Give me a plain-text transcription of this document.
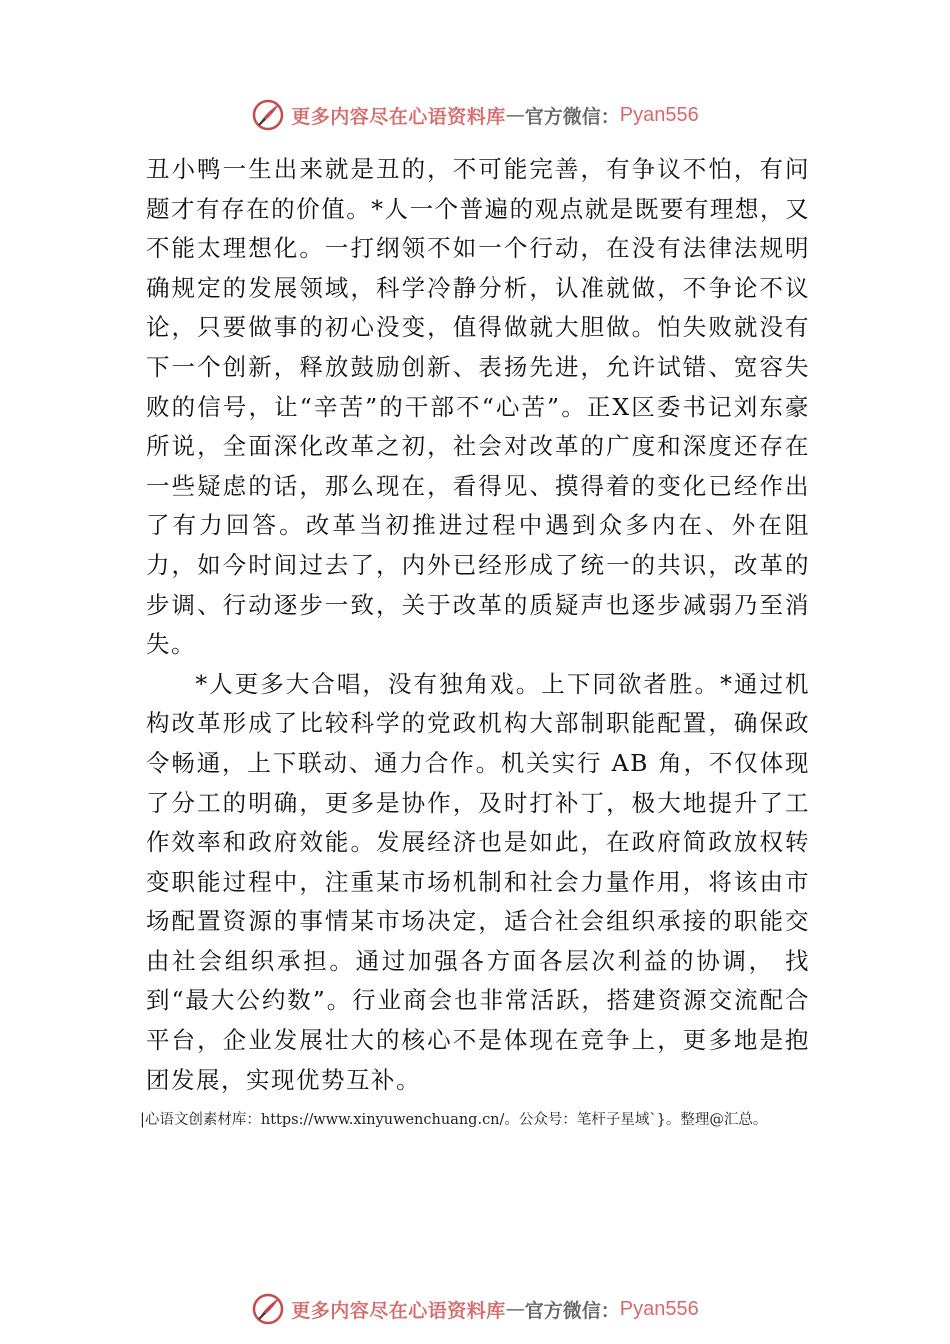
更多内容尽在心语资料库 — 官方微信： Pyan556

丑小鸭一生出来就是丑的，不可能完善，有争议不怕，有问题才有存在的价值。*人一个普遍的观点就是既要有理想，又不能太理想化。一打纲领不如一个行动，在没有法律法规明确规定的发展领域，科学冷静分析，认准就做，不争论不议论，只要做事的初心没变，值得做就大胆做。怕失败就没有下一个创新，释放鼓励创新、表扬先进，允许试错、宽容失败的信号，让“辛苦”的干部不“心苦”。正X区委书记刘东豪所说，全面深化改革之初，社会对改革的广度和深度还存在一些疑虑的话，那么现在，看得见、摸得着的变化已经作出了有力回答。改革当初推进过程中遇到众多内在、外在阻力，如今时间过去了，内外已经形成了统一的共识，改革的步调、行动逐步一致，关于改革的质疑声也逐步减弱乃至消失。

*人更多大合唱，没有独角戏。上下同欲者胜。*通过机构改革形成了比较科学的党政机构大部制职能配置，确保政令畅通，上下联动、通力合作。机关实行 AB 角，不仅体现了分工的明确，更多是协作，及时打补丁，极大地提升了工作效率和政府效能。发展经济也是如此，在政府简政放权转变职能过程中，注重某市场机制和社会力量作用，将该由市场配置资源的事情某市场决定，适合社会组织承接的职能交由社会组织承担。通过加强各方面各层次利益的协调， 找到“最大公约数”。行业商会也非常活跃，搭建资源交流配合平台，企业发展壮大的核心不是体现在竞争上，更多地是抱团发展，实现优势互补。

|心语文创素材库：https://www.xinyuwenchuang.cn/。公众号：笔杆子星域`}。整理@汇总。
更多内容尽在心语资料库 — 官方微信： Pyan556
